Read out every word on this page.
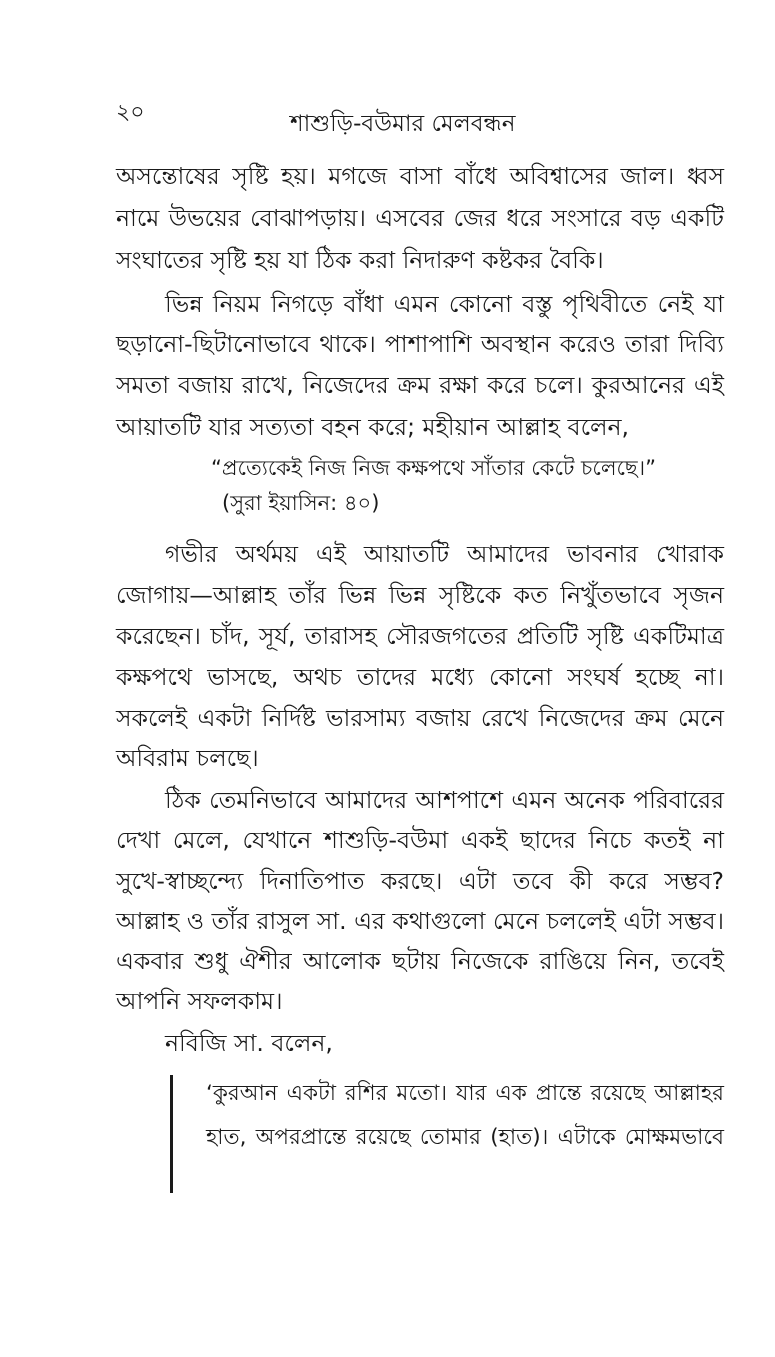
২০	শাশুড়ি-বউমার মেলবন্ধন
অসন্তোষের সৃষ্টি হয়। মগজে বাসা বাঁধে অবিশ্বাসের জাল। ধ্বস
নামে উভয়ের বোঝাপড়ায়। এসবের জের ধরে সংসারে বড় একটি
সংঘাতের সৃষ্টি হয় যা ঠিক করা নিদারুণ কষ্টকর বৈকি।
ভিন্ন নিয়ম নিগড়ে বাঁধা এমন কোনো বস্তু পৃথিবীতে নেই যা
ছড়ানো-ছিটানোভাবে থাকে। পাশাপাশি অবস্থান করেও তারা দিব্যি
সমতা বজায় রাখে, নিজেদের ক্রম রক্ষা করে চলে। কুরআনের এই
আয়াতটি যার সত্যতা বহন করে; মহীয়ান আল্লাহ বলেন,
“প্রত্যেকেই নিজ নিজ কক্ষপথে সাঁতার কেটে চলেছে।”
(সুরা ইয়াসিন: ৪০)
গভীর অর্থময় এই আয়াতটি আমাদের ভাবনার খোরাক
জোগায়—আল্লাহ তাঁর ভিন্ন ভিন্ন সৃষ্টিকে কত নিখুঁতভাবে সৃজন
করেছেন। চাঁদ, সূর্য, তারাসহ সৌরজগতের প্রতিটি সৃষ্টি একটিমাত্র
কক্ষপথে ভাসছে, অথচ তাদের মধ্যে কোনো সংঘর্ষ হচ্ছে না।
সকলেই একটা নির্দিষ্ট ভারসাম্য বজায় রেখে নিজেদের ক্রম মেনে
অবিরাম চলছে।
ঠিক তেমনিভাবে আমাদের আশপাশে এমন অনেক পরিবারের
দেখা মেলে, যেখানে শাশুড়ি-বউমা একই ছাদের নিচে কতই না
সুখে-স্বাচ্ছন্দ্যে দিনাতিপাত করছে। এটা তবে কী করে সম্ভব?
আল্লাহ ও তাঁর রাসুল সা. এর কথাগুলো মেনে চললেই এটা সম্ভব।
একবার শুধু ঐশীর আলোক ছটায় নিজেকে রাঙিয়ে নিন, তবেই
আপনি সফলকাম।
নবিজি সা. বলেন,
‘কুরআন একটা রশির মতো। যার এক প্রান্তে রয়েছে আল্লাহর
হাত, অপরপ্রান্তে রয়েছে তোমার (হাত)। এটাকে মোক্ষমভাবে
